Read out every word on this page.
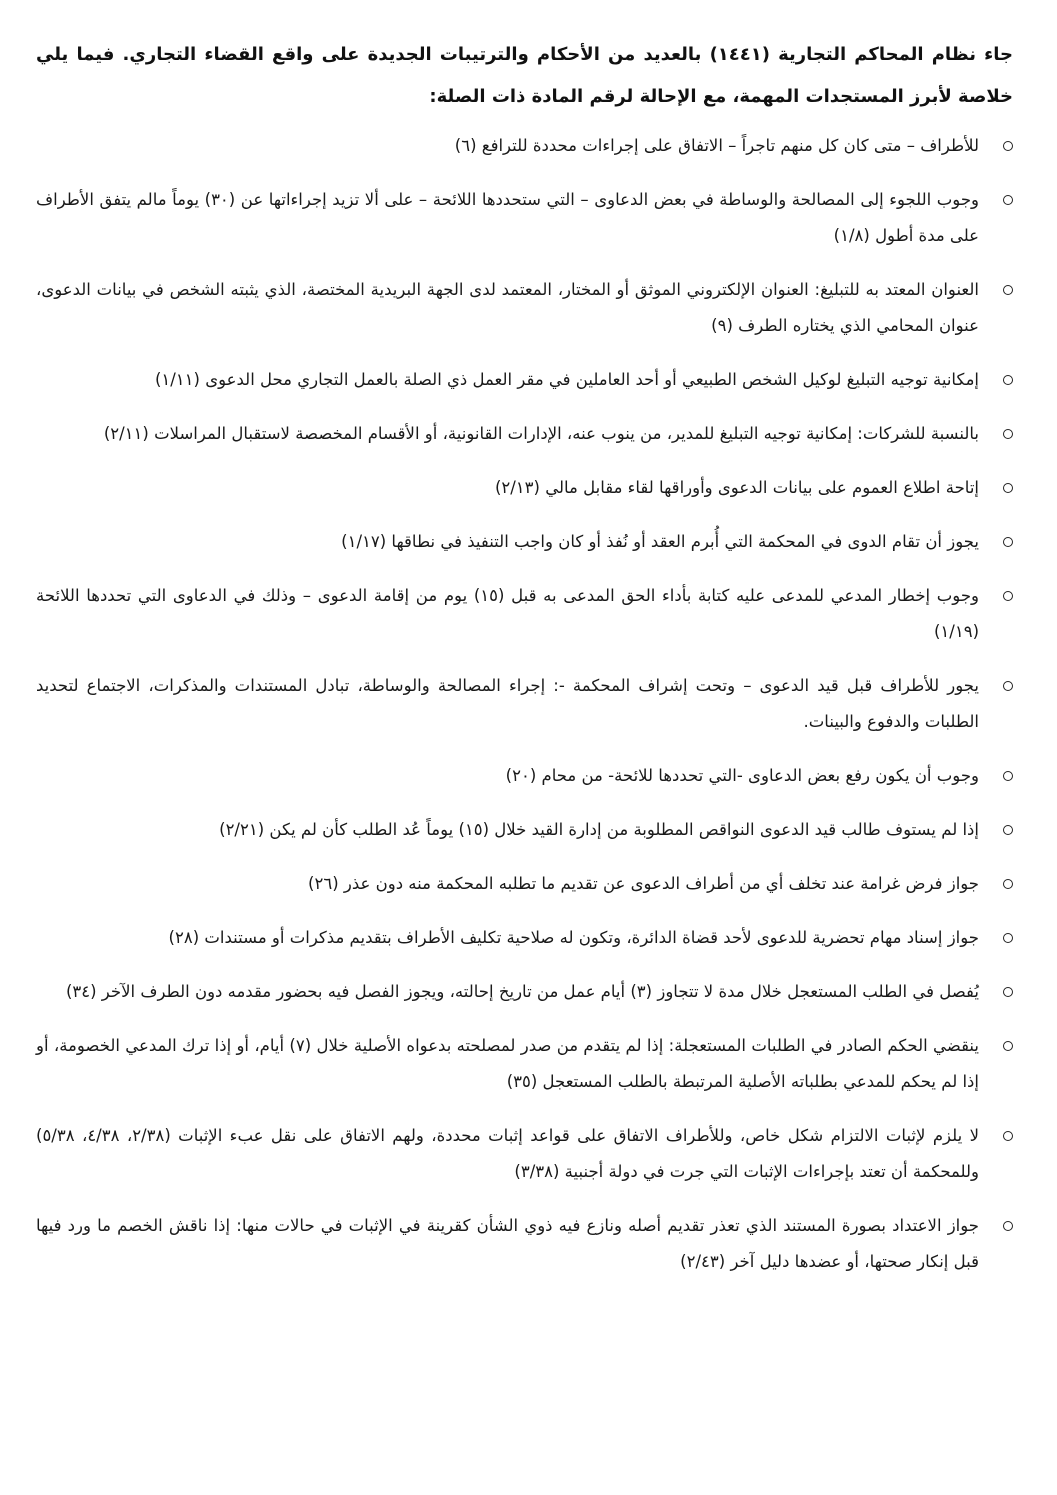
جاء نظام المحاكم التجارية (١٤٤١) بالعديد من الأحكام والترتيبات الجديدة على واقع القضاء التجاري. فيما يلي خلاصة لأبرز المستجدات المهمة، مع الإحالة لرقم المادة ذات الصلة:

للأطراف – متى كان كل منهم تاجراً – الاتفاق على إجراءات محددة للترافع (٦)
وجوب اللجوء إلى المصالحة والوساطة في بعض الدعاوى – التي ستحددها اللائحة – على ألا تزيد إجراءاتها عن (٣٠) يوماً مالم يتفق الأطراف على مدة أطول (١/٨)
العنوان المعتد به للتبليغ: العنوان الإلكتروني الموثق أو المختار، المعتمد لدى الجهة البريدية المختصة، الذي يثبته الشخص في بيانات الدعوى، عنوان المحامي الذي يختاره الطرف (٩)
إمكانية توجيه التبليغ لوكيل الشخص الطبيعي أو أحد العاملين في مقر العمل ذي الصلة بالعمل التجاري محل الدعوى (١/١١)
بالنسبة للشركات: إمكانية توجيه التبليغ للمدير، من ينوب عنه، الإدارات القانونية، أو الأقسام المخصصة لاستقبال المراسلات (٢/١١)
إتاحة اطلاع العموم على بيانات الدعوى وأوراقها لقاء مقابل مالي (٢/١٣)
يجوز أن تقام الدوى في المحكمة التي أُبرم العقد أو نُفذ أو كان واجب التنفيذ في نطاقها (١/١٧)
وجوب إخطار المدعي للمدعى عليه كتابة بأداء الحق المدعى به قبل (١٥) يوم من إقامة الدعوى – وذلك في الدعاوى التي تحددها اللائحة (١/١٩)
يجور للأطراف قبل قيد الدعوى – وتحت إشراف المحكمة -: إجراء المصالحة والوساطة، تبادل المستندات والمذكرات، الاجتماع لتحديد الطلبات والدفوع والبينات.
وجوب أن يكون رفع بعض الدعاوى -التي تحددها للائحة- من محام (٢٠)
إذا لم يستوف طالب قيد الدعوى النواقص المطلوبة من إدارة القيد خلال (١٥) يوماً عُد الطلب كأن لم يكن (٢/٢١)
جواز فرض غرامة عند تخلف أي من أطراف الدعوى عن تقديم ما تطلبه المحكمة منه دون عذر (٢٦)
جواز إسناد مهام تحضرية للدعوى لأحد قضاة الدائرة، وتكون له صلاحية تكليف الأطراف بتقديم مذكرات أو مستندات (٢٨)
يُفصل في الطلب المستعجل خلال مدة لا تتجاوز (٣) أيام عمل من تاريخ إحالته، ويجوز الفصل فيه بحضور مقدمه دون الطرف الآخر (٣٤)
ينقضي الحكم الصادر في الطلبات المستعجلة: إذا لم يتقدم من صدر لمصلحته بدعواه الأصلية خلال (٧) أيام، أو إذا ترك المدعي الخصومة، أو إذا لم يحكم للمدعي بطلباته الأصلية المرتبطة بالطلب المستعجل (٣٥)
لا يلزم لإثبات الالتزام شكل خاص، وللأطراف الاتفاق على قواعد إثبات محددة، ولهم الاتفاق على نقل عبء الإثبات (٢/٣٨، ٤/٣٨، ٥/٣٨) وللمحكمة أن تعتد بإجراءات الإثبات التي جرت في دولة أجنبية (٣/٣٨)
جواز الاعتداد بصورة المستند الذي تعذر تقديم أصله ونازع فيه ذوي الشأن كقرينة في الإثبات في حالات منها: إذا ناقش الخصم ما ورد فيها قبل إنكار صحتها، أو عضدها دليل آخر (٢/٤٣)
